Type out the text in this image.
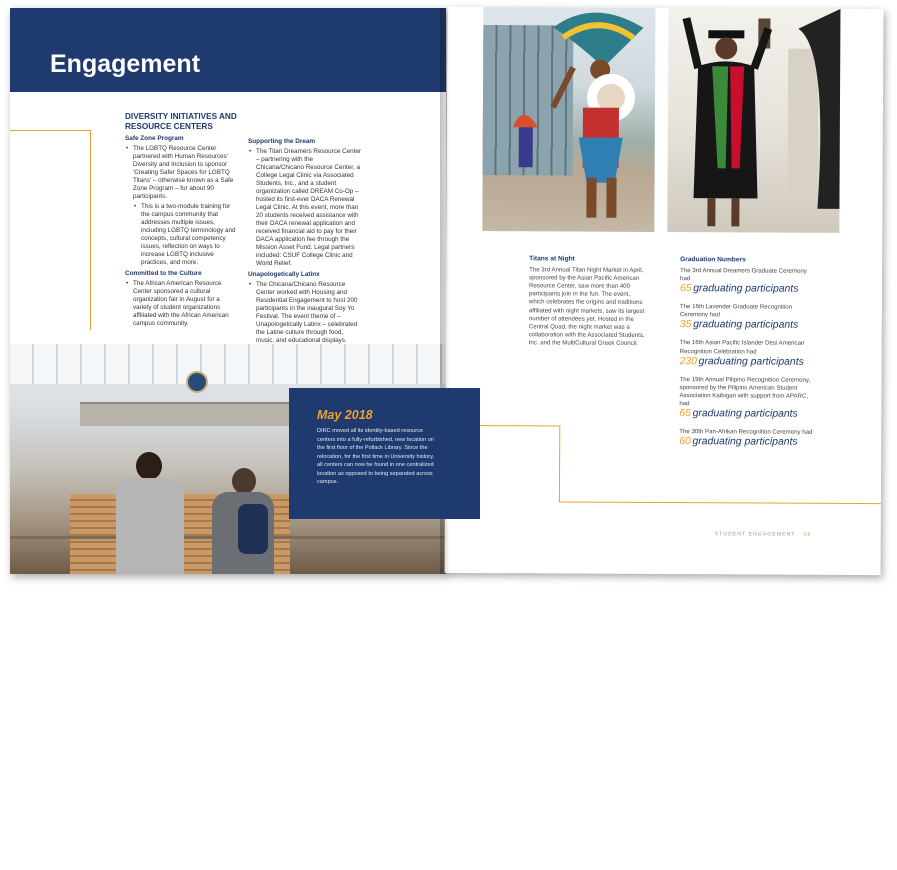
Engagement
DIVERSITY INITIATIVES AND RESOURCE CENTERS
Safe Zone Program
• The LGBTQ Resource Center partnered with Human Resources' Diversity and Inclusion to sponsor 'Creating Safer Spaces for LGBTQ Titans' – otherwise known as a Safe Zone Program – for about 90 participants.
• This is a two-module training for the campus community that addresses multiple issues, including LGBTQ terminology and concepts, cultural competency issues, reflection on ways to increase LGBTQ inclusive practices, and more.
Committed to the Culture
• The African American Resource Center sponsored a cultural organization fair in August for a variety of student organizations affiliated with the African American campus community.
Supporting the Dream
• The Titan Dreamers Resource Center – partnering with the Chicana/Chicano Resource Center, a College Legal Clinic via Associated Students, Inc., and a student organization called DREAM Co-Op – hosted its first-ever DACA Renewal Legal Clinic. At this event, more than 20 students received assistance with their DACA renewal application and received financial aid to pay for their DACA application fee through the Mission Asset Fund. Legal partners included: CSUF College Clinic and World Relief.
Unapologetically Latinx
• The Chicana/Chicano Resource Center worked with Housing and Residential Engagement to host 200 participants in the inaugural Soy Yo Festival. The event theme of – Unapologetically Latinx – celebrated the Latine culture through food, music, and educational displays.
07
May 2018

DIRC moved all its identity-based resource centers into a fully-refurbished, new location on the first floor of the Pollack Library. Since the relocation, for the first time in University history, all centers can now be found in one centralized location as opposed to being separated across campus.

Titans at Night
The 3rd Annual Titan Night Market in April, sponsored by the Asian Pacific American Resource Center, saw more than 400 participants join in the fun. The event, which celebrates the origins and traditions affiliated with night markets, saw its largest number of attendees yet. Hosted in the Central Quad, the night market was a collaboration with the Associated Students, Inc. and the MultiCultural Greek Council.
Graduation Numbers
The 3rd Annual Dreamers Graduate Ceremony had
65 graduating participants
The 16th Lavender Graduate Recognition Ceremony had
35 graduating participants
The 16th Asian Pacific Islander Desi American Recognition Celebration had
230 graduating participants
The 19th Annual Pilipino Recognition Ceremony, sponsored by the Pilipino American Student Association Kaibigan with support from APARC, had
65 graduating participants
The 30th Pan-Afrikan Recognition Ceremony had
60 graduating participants
STUDENT ENGAGEMENT 08
